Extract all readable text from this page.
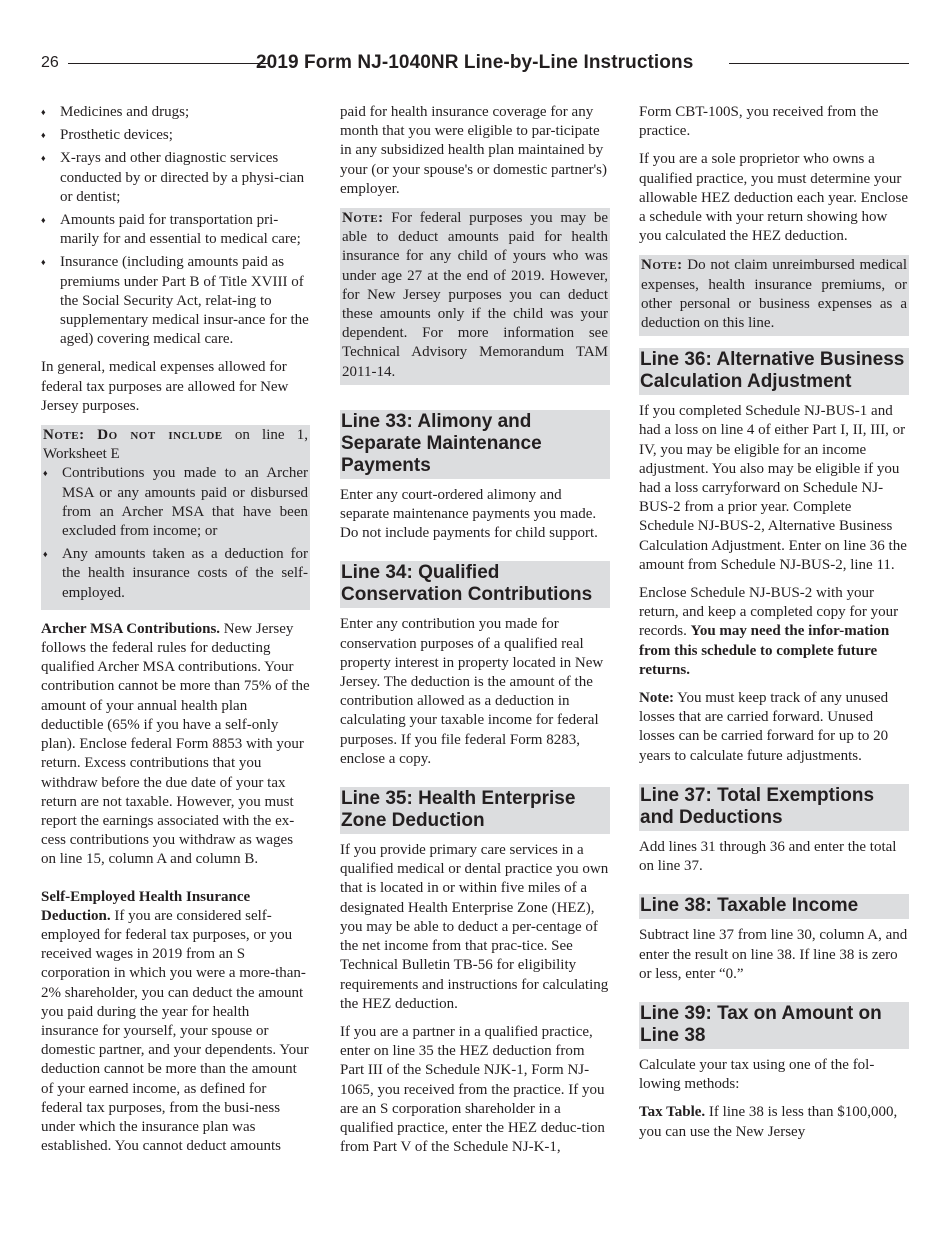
26	2019 Form NJ-1040NR Line-by-Line Instructions
♦ Medicines and drugs;
♦ Prosthetic devices;
♦ X-rays and other diagnostic services conducted by or directed by a physi-cian or dentist;
♦ Amounts paid for transportation pri-marily for and essential to medical care;
♦ Insurance (including amounts paid as premiums under Part B of Title XVIII of the Social Security Act, relat-ing to supplementary medical insur-ance for the aged) covering medical care.

In general, medical expenses allowed for federal tax purposes are allowed for New Jersey purposes.

Note: Do not include on line 1, Worksheet E

♦ Contributions you made to an Archer MSA or any amounts paid or disbursed from an Archer MSA that have been excluded from income; or
♦ Any amounts taken as a deduction for the health insurance costs of the self-employed.

Archer MSA Contributions. New Jersey follows the federal rules for deducting qualified Archer MSA contributions. Your contribution cannot be more than 75% of the amount of your annual health plan deductible (65% if you have a self-only plan). Enclose federal Form 8853 with your return. Excess contributions that you withdraw before the due date of your tax return are not taxable. However, you must report the earnings associated with the ex-cess contributions you withdraw as wages on line 15, column A and column B.

Self-Employed Health Insurance Deduction. If you are considered self-employed for federal tax purposes, or you received wages in 2019 from an S corporation in which you were a more-than-2% shareholder, you can deduct the amount you paid during the year for health insurance for yourself, your spouse or domestic partner, and your dependents. Your deduction cannot be more than the amount of your earned income, as defined for federal tax purposes, from the busi-ness under which the insurance plan was established. You cannot deduct amounts

paid for health insurance coverage for any month that you were eligible to par-ticipate in any subsidized health plan maintained by your (or your spouse's or domestic partner's) employer.

Note: For federal purposes you may be able to deduct amounts paid for health insurance for any child of yours who was under age 27 at the end of 2019. However, for New Jersey purposes you can deduct these amounts only if the child was your dependent. For more information see Technical Advisory Memorandum TAM 2011-14.

Line 33: Alimony and Separate Maintenance Payments

Enter any court-ordered alimony and separate maintenance payments you made. Do not include payments for child support.

Line 34: Qualified Conservation Contributions

Enter any contribution you made for conservation purposes of a qualified real property interest in property located in New Jersey. The deduction is the amount of the contribution allowed as a deduction in calculating your taxable income for federal purposes. If you file federal Form 8283, enclose a copy.

Line 35: Health Enterprise Zone Deduction

If you provide primary care services in a qualified medical or dental practice you own that is located in or within five miles of a designated Health Enterprise Zone (HEZ), you may be able to deduct a per-centage of the net income from that prac-tice. See Technical Bulletin TB-56 for eligibility requirements and instructions for calculating the HEZ deduction.

If you are a partner in a qualified practice, enter on line 35 the HEZ deduction from Part III of the Schedule NJK-1, Form NJ-1065, you received from the practice. If you are an S corporation shareholder in a qualified practice, enter the HEZ deduc-tion from Part V of the Schedule NJ-K-1,

Form CBT-100S, you received from the practice.

If you are a sole proprietor who owns a qualified practice, you must determine your allowable HEZ deduction each year. Enclose a schedule with your return showing how you calculated the HEZ deduction.

Note: Do not claim unreimbursed medical expenses, health insurance premiums, or other personal or business expenses as a deduction on this line.

Line 36: Alternative Business Calculation Adjustment

If you completed Schedule NJ-BUS-1 and had a loss on line 4 of either Part I, II, III, or IV, you may be eligible for an income adjustment. You also may be eligible if you had a loss carryforward on Schedule NJ-BUS-2 from a prior year. Complete Schedule NJ-BUS-2, Alternative Business Calculation Adjustment. Enter on line 36 the amount from Schedule NJ-BUS-2, line 11.

Enclose Schedule NJ-BUS-2 with your return, and keep a completed copy for your records. You may need the infor-mation from this schedule to complete future returns.

Note: You must keep track of any unused losses that are carried forward. Unused losses can be carried forward for up to 20 years to calculate future adjustments.

Line 37: Total Exemptions and Deductions

Add lines 31 through 36 and enter the total on line 37.

Line 38: Taxable Income

Subtract line 37 from line 30, column A, and enter the result on line 38. If line 38 is zero or less, enter “0.”

Line 39: Tax on Amount on Line 38

Calculate your tax using one of the fol-lowing methods:

Tax Table. If line 38 is less than $100,000, you can use the New Jersey
